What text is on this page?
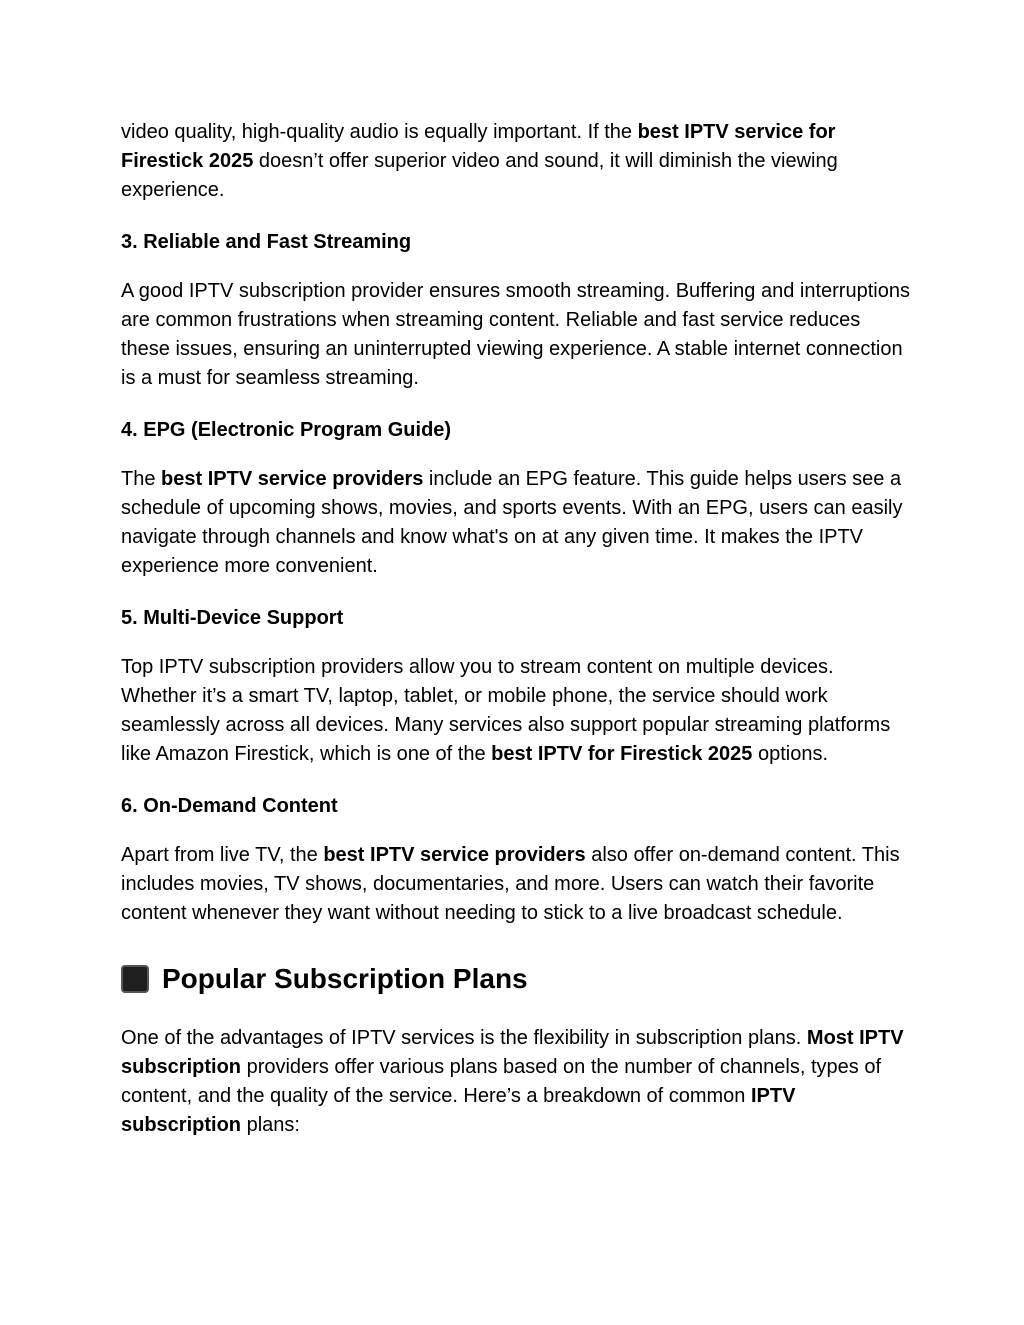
video quality, high-quality audio is equally important. If the best IPTV service for Firestick 2025 doesn’t offer superior video and sound, it will diminish the viewing experience.

3. Reliable and Fast Streaming

A good IPTV subscription provider ensures smooth streaming. Buffering and interruptions are common frustrations when streaming content. Reliable and fast service reduces these issues, ensuring an uninterrupted viewing experience. A stable internet connection is a must for seamless streaming.

4. EPG (Electronic Program Guide)

The best IPTV service providers include an EPG feature. This guide helps users see a schedule of upcoming shows, movies, and sports events. With an EPG, users can easily navigate through channels and know what's on at any given time. It makes the IPTV experience more convenient.

5. Multi-Device Support

Top IPTV subscription providers allow you to stream content on multiple devices. Whether it’s a smart TV, laptop, tablet, or mobile phone, the service should work seamlessly across all devices. Many services also support popular streaming platforms like Amazon Firestick, which is one of the best IPTV for Firestick 2025 options.

6. On-Demand Content

Apart from live TV, the best IPTV service providers also offer on-demand content. This includes movies, TV shows, documentaries, and more. Users can watch their favorite content whenever they want without needing to stick to a live broadcast schedule.

Popular Subscription Plans

One of the advantages of IPTV services is the flexibility in subscription plans. Most IPTV subscription providers offer various plans based on the number of channels, types of content, and the quality of the service. Here’s a breakdown of common IPTV subscription plans:
